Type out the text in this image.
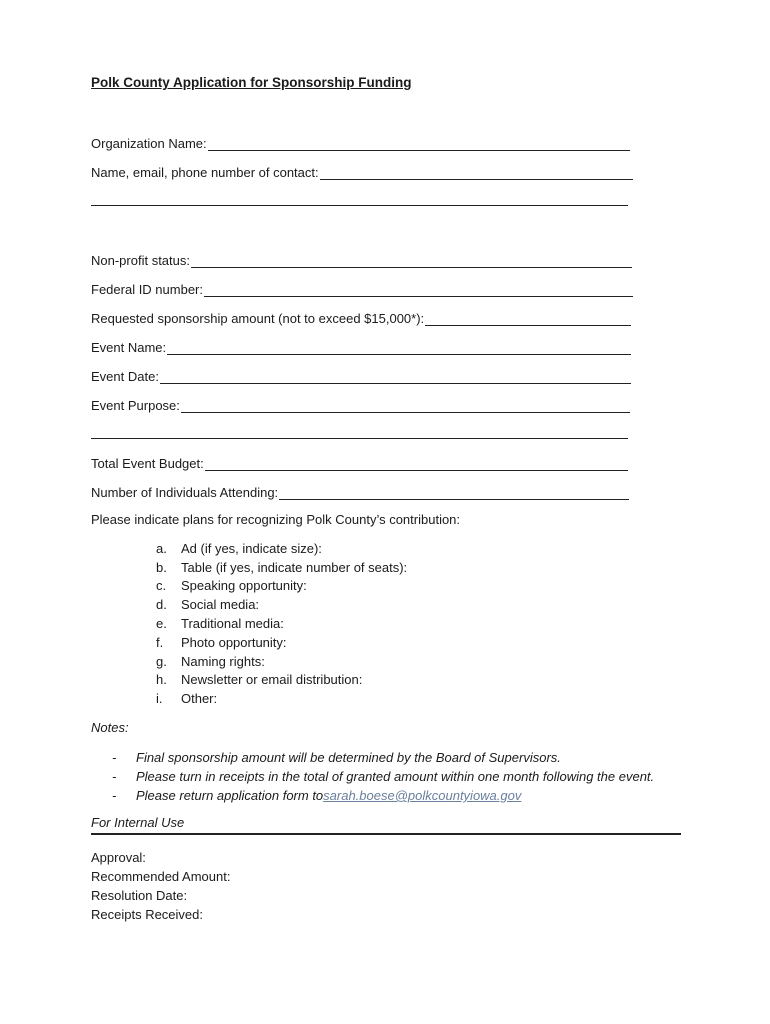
Polk County Application for Sponsorship Funding
Organization Name:
Name, email, phone number of contact:
Non-profit status:
Federal ID number:
Requested sponsorship amount (not to exceed $15,000*):
Event Name:
Event Date:
Event Purpose:
Total Event Budget:
Number of Individuals Attending:
Please indicate plans for recognizing Polk County’s contribution:
a.	Ad (if yes, indicate size):
b.	Table (if yes, indicate number of seats):
c.	Speaking opportunity:
d.	Social media:
e.	Traditional media:
f.	Photo opportunity:
g.	Naming rights:
h.	Newsletter or email distribution:
i.	Other:
Notes:
-	Final sponsorship amount will be determined by the Board of Supervisors.
-	Please turn in receipts in the total of granted amount within one month following the event.
-	Please return application form to sarah.boese@polkcountyiowa.gov
For Internal Use
Approval:
Recommended Amount:
Resolution Date:
Receipts Received:
